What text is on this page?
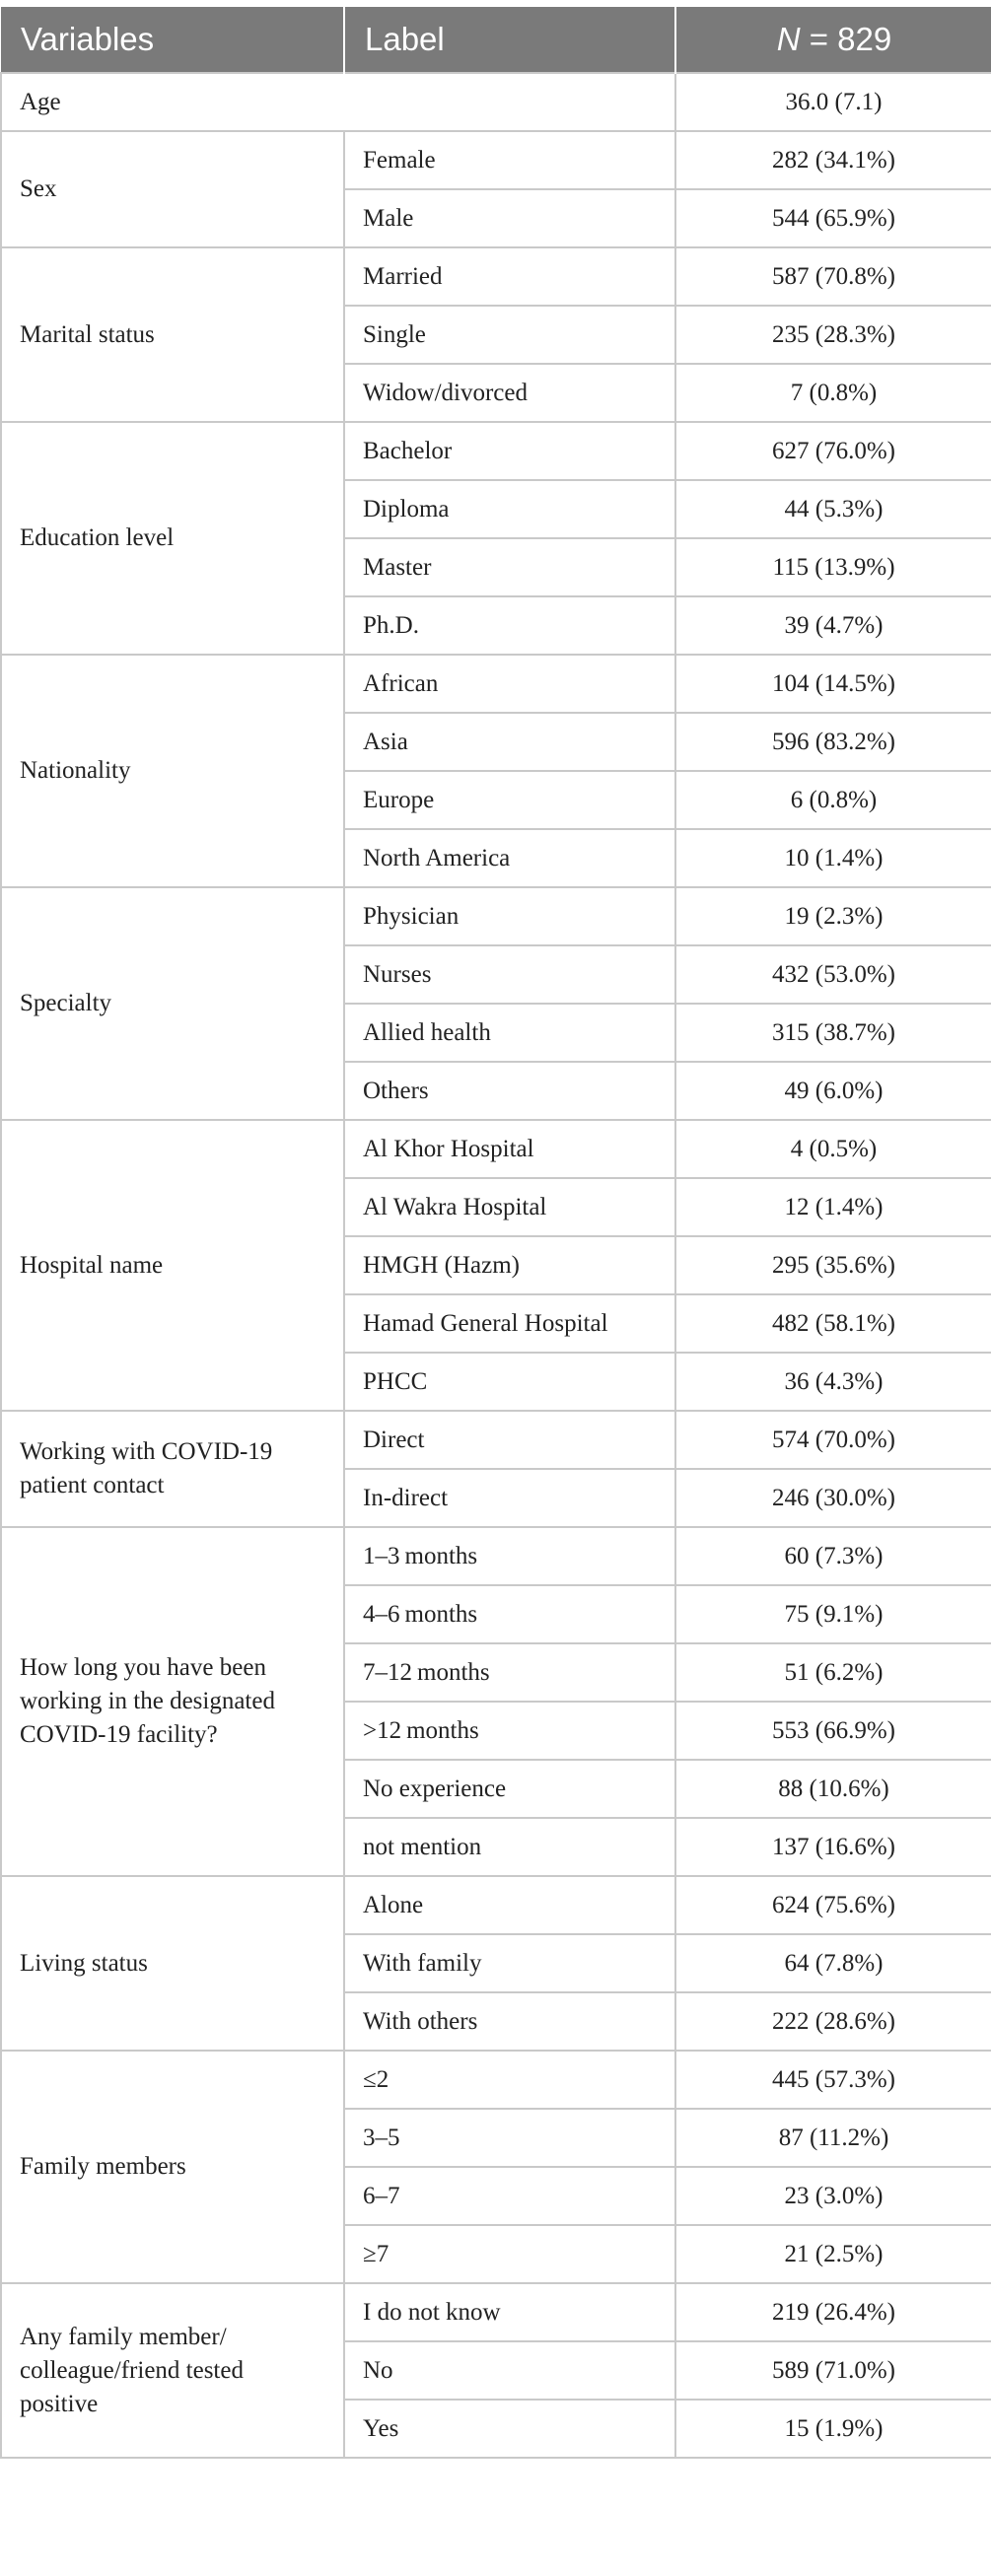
Variables	Label	N = 829
Age		36.0 (7.1)
Sex	Female	282 (34.1%)
	Male	544 (65.9%)
Marital status	Married	587 (70.8%)
	Single	235 (28.3%)
	Widow/divorced	7 (0.8%)
Education level	Bachelor	627 (76.0%)
	Diploma	44 (5.3%)
	Master	115 (13.9%)
	Ph.D.	39 (4.7%)
Nationality	African	104 (14.5%)
	Asia	596 (83.2%)
	Europe	6 (0.8%)
	North America	10 (1.4%)
Specialty	Physician	19 (2.3%)
	Nurses	432 (53.0%)
	Allied health	315 (38.7%)
	Others	49 (6.0%)
Hospital name	Al Khor Hospital	4 (0.5%)
	Al Wakra Hospital	12 (1.4%)
	HMGH (Hazm)	295 (35.6%)
	Hamad General Hospital	482 (58.1%)
	PHCC	36 (4.3%)
Working with COVID-19 patient contact	Direct	574 (70.0%)
	In-direct	246 (30.0%)
How long you have been working in the designated COVID-19 facility?	1–3 months	60 (7.3%)
	4–6 months	75 (9.1%)
	7–12 months	51 (6.2%)
	>12 months	553 (66.9%)
	No experience	88 (10.6%)
	not mention	137 (16.6%)
Living status	Alone	624 (75.6%)
	With family	64 (7.8%)
	With others	222 (28.6%)
Family members	≤2	445 (57.3%)
	3–5	87 (11.2%)
	6–7	23 (3.0%)
	≥7	21 (2.5%)
Any family member/ colleague/friend tested positive	I do not know	219 (26.4%)
	No	589 (71.0%)
	Yes	15 (1.9%)
